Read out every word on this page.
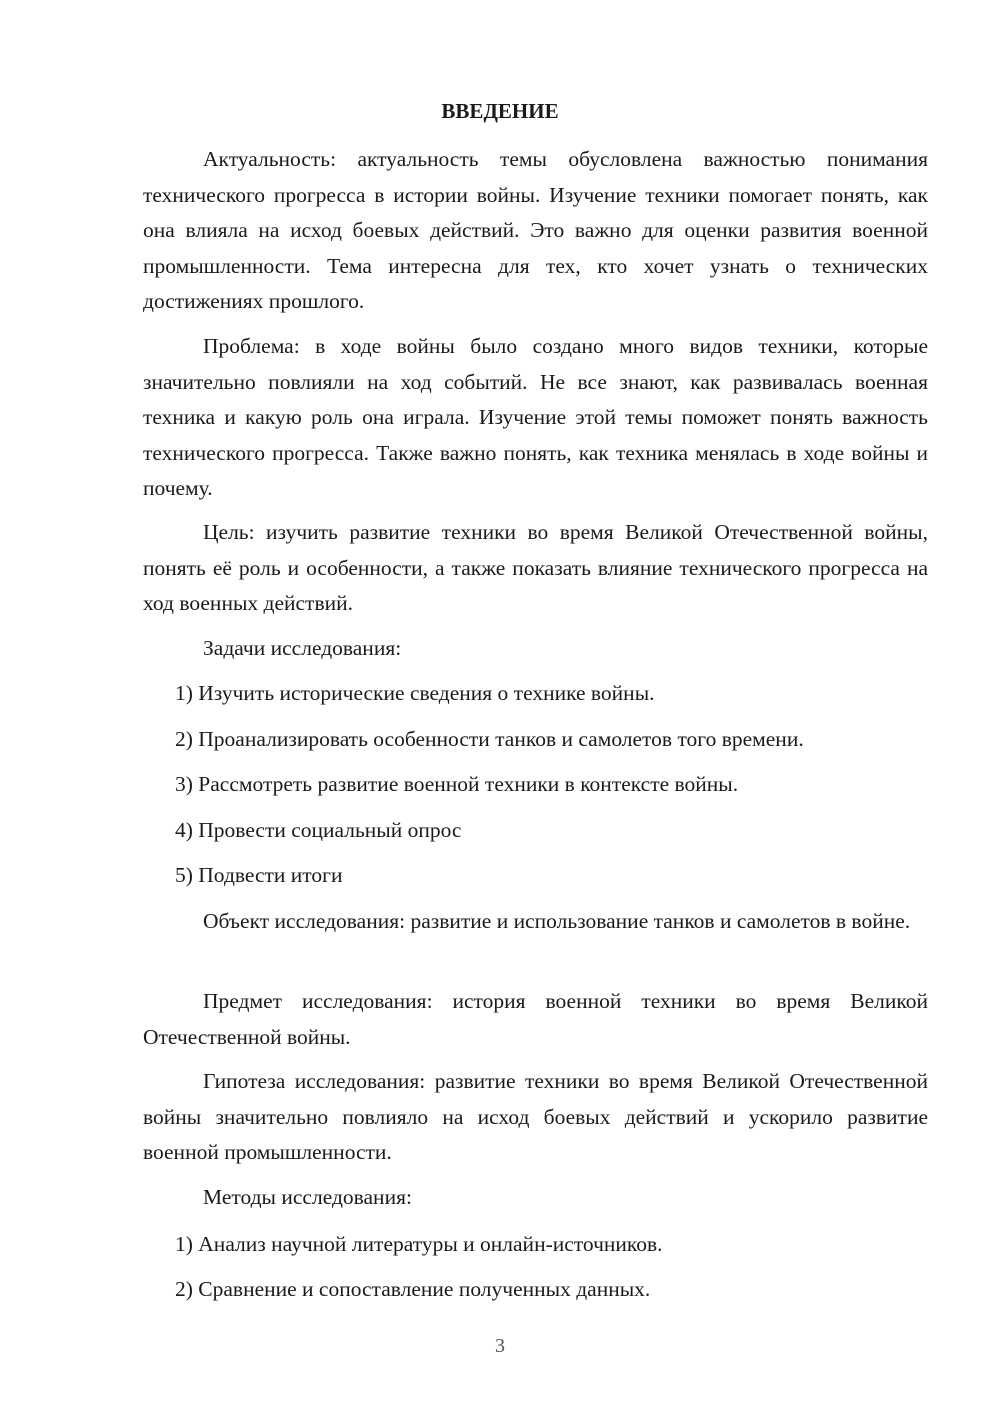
ВВЕДЕНИЕ

Актуальность: актуальность темы обусловлена важностью понимания технического прогресса в истории войны. Изучение техники помогает понять, как она влияла на исход боевых действий. Это важно для оценки развития военной промышленности. Тема интересна для тех, кто хочет узнать о технических достижениях прошлого.

Проблема: в ходе войны было создано много видов техники, которые значительно повлияли на ход событий. Не все знают, как развивалась военная техника и какую роль она играла. Изучение этой темы поможет понять важность технического прогресса. Также важно понять, как техника менялась в ходе войны и почему.

Цель: изучить развитие техники во время Великой Отечественной войны, понять её роль и особенности, а также показать влияние технического прогресса на ход военных действий.

Задачи исследования:

1) Изучить исторические сведения о технике войны.

2) Проанализировать особенности танков и самолетов того времени.

3) Рассмотреть развитие военной техники в контексте войны.

4) Провести социальный опрос

5) Подвести итоги

Объект исследования: развитие и использование танков и самолетов в войне.

Предмет исследования: история военной техники во время Великой Отечественной войны.

Гипотеза исследования: развитие техники во время Великой Отечественной войны значительно повлияло на исход боевых действий и ускорило развитие военной промышленности.

Методы исследования:

1) Анализ научной литературы и онлайн-источников.

2) Сравнение и сопоставление полученных данных.

3
